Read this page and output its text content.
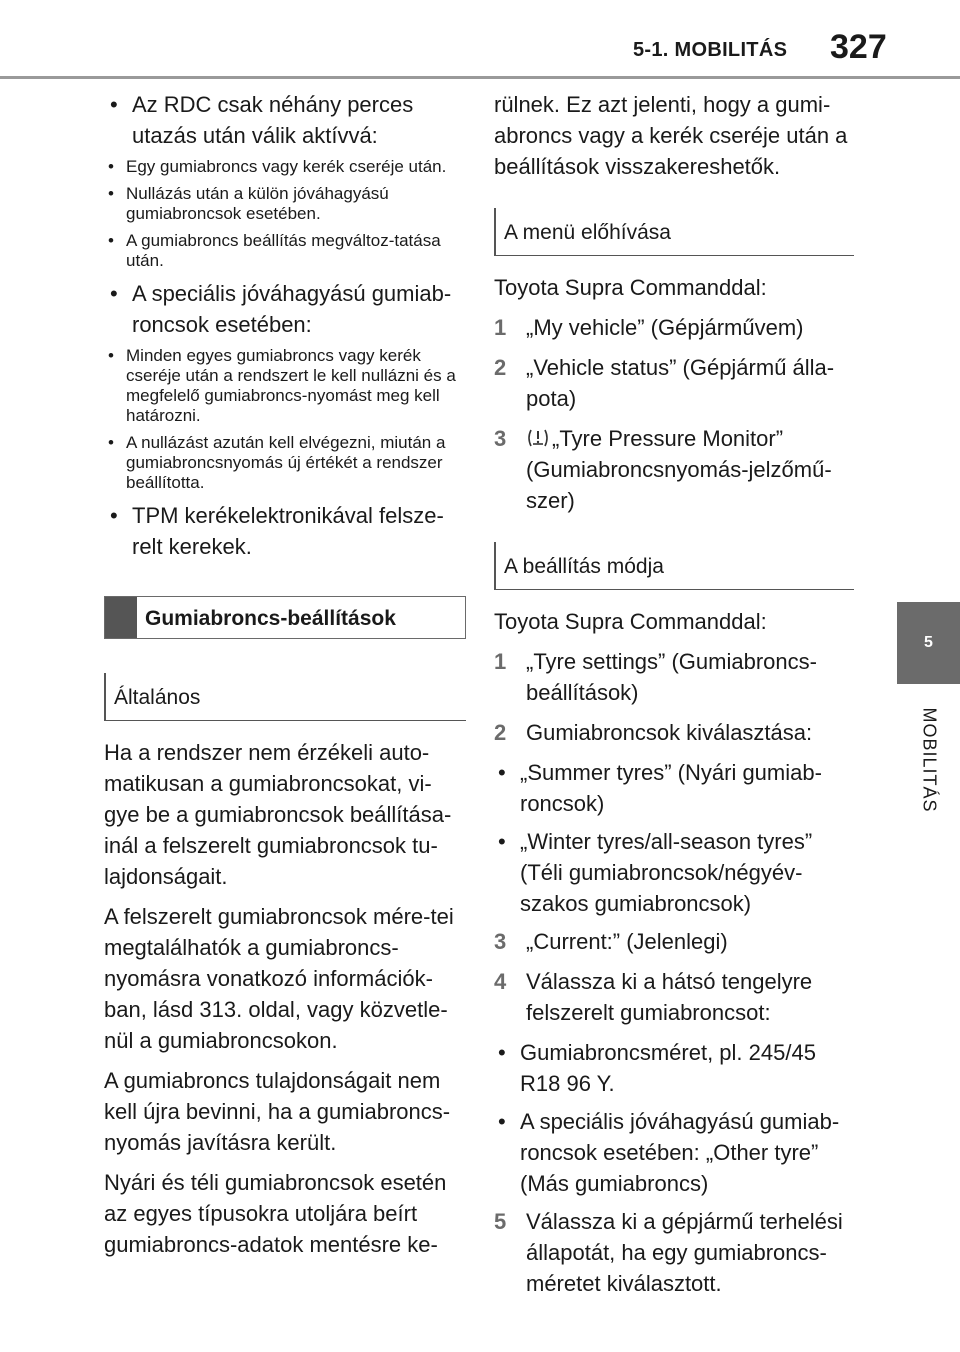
5-1. MOBILITÁS 327
5
MOBILITÁS
• Az RDC csak néhány perces utazás után válik aktívvá:
• Egy gumiabroncs vagy kerék cseréje után.
• Nullázás után a külön jóváhagyású gumiabroncsok esetében.
• A gumiabroncs beállítás megváltoz-tatása után.
• A speciális jóváhagyású gumiab-roncsok esetében:
• Minden egyes gumiabroncs vagy kerék cseréje után a rendszert le kell nullázni és a megfelelő gumiabroncs-nyomást meg kell határozni.
• A nullázást azután kell elvégezni, miután a gumiabroncsnyomás új értékét a rendszer beállította.
• TPM kerékelektronikával felsze-relt kerekek.
Gumiabroncs-beállítások
Általános
Ha a rendszer nem érzékeli auto-matikusan a gumiabroncsokat, vi-gye be a gumiabroncsok beállítása-inál a felszerelt gumiabroncsok tu-lajdonságait.
A felszerelt gumiabroncsok mére-tei megtalálhatók a gumiabroncs-nyomásra vonatkozó információk-ban, lásd 313. oldal, vagy közvetle-nül a gumiabroncsokon.
A gumiabroncs tulajdonságait nem kell újra bevinni, ha a gumiabroncs-nyomás javításra került.
Nyári és téli gumiabroncsok esetén az egyes típusokra utoljára beírt gumiabroncs-adatok mentésre ke-
rülnek. Ez azt jelenti, hogy a gumi-abroncs vagy a kerék cseréje után a beállítások visszakereshetők.
A menü előhívása
Toyota Supra Commanddal:
1 „My vehicle” (Gépjárművem)
2 „Vehicle status” (Gépjármű álla-pota)
3 „Tyre Pressure Monitor” (Gumiabroncsnyomás-jelzőmű-szer)
A beállítás módja
Toyota Supra Commanddal:
1 „Tyre settings” (Gumiabroncs-beállítások)
2 Gumiabroncsok kiválasztása:
• „Summer tyres” (Nyári gumiab-roncsok)
• „Winter tyres/all-season tyres” (Téli gumiabroncsok/négyév-szakos gumiabroncsok)
3 „Current:” (Jelenlegi)
4 Válassza ki a hátsó tengelyre felszerelt gumiabroncsot:
• Gumiabroncsméret, pl. 245/45 R18 96 Y.
• A speciális jóváhagyású gumiab-roncsok esetében: „Other tyre” (Más gumiabroncs)
5 Válassza ki a gépjármű terhelési állapotát, ha egy gumiabroncs-méretet kiválasztott.
